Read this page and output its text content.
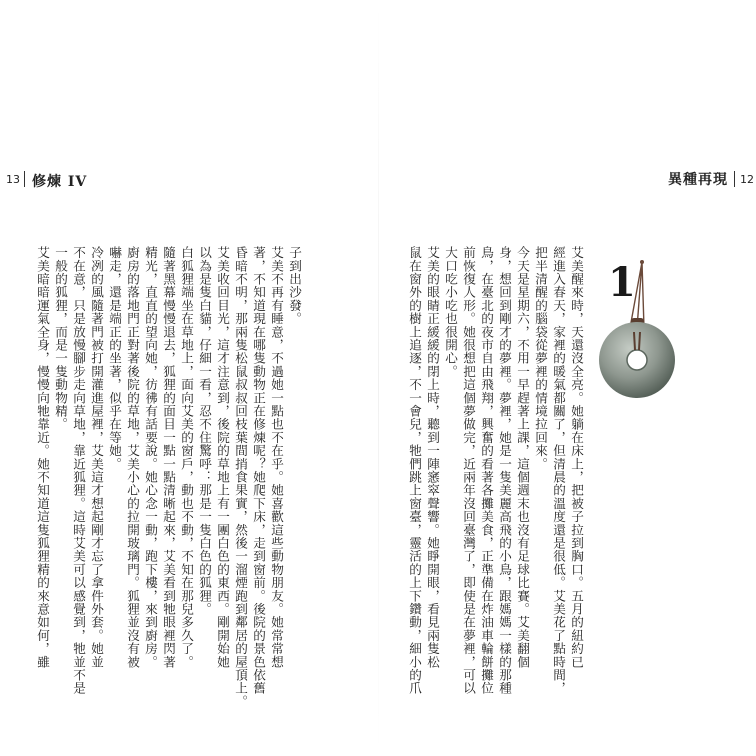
13 修煉 IV	異種再現 12
1
子到出沙發。
艾美不再有睡意，不過她一點也不在乎。她喜歡這些動物朋友。她常常想
著，不知道現在哪隻動物正在修煉呢？她爬下床，走到窗前。後院的景色依舊
昏暗不明，那兩隻松鼠叔叔回枝葉間捎食果實，然後一溜煙跑到鄰居的屋頂上。
艾美收回目光，這才注意到，後院的草地上有一團白色的東西。剛開始她
以為是隻白貓，仔細一看，忍不住驚呼：那是一隻白色的狐狸。
白狐狸端坐在草地上，面向艾美的窗戶，動也不動，不知在那兒多久了。
隨著黑幕慢慢退去，狐狸的面目一點一點清晰起來，艾美看到牠眼裡閃著
精光，直直的望向她，彷彿有話要說。她心念一動，跑下樓，來到廚房。
廚房的落地門正對著後院的草地，艾美小心的拉開玻璃門。狐狸並沒有被
嚇走，還是端正的坐著，似乎在等她。
冷冽的風隨著門被打開灌進屋裡，艾美這才想起剛才忘了拿件外套。她並
不在意，只是放慢腳步走向草地，靠近狐狸。這時艾美可以感覺到，牠並不是
一般的狐狸，而是一隻動物精。
艾美暗暗運氣全身，慢慢向牠靠近。她不知道這隻狐狸精的來意如何，雖	艾美醒來時，天還沒全亮。她躺在床上，把被子拉到胸口。五月的紐約已
經進入春天，家裡的暖氣都關了，但清晨的溫度還是很低。艾美花了點時間，
把半清醒的腦袋從夢裡的情境拉回來。
今天是星期六，不用一早趕著上課，這個週末也沒有足球比賽。艾美翻個
身，想回到剛才的夢裡。夢裡，她是一隻美麗高飛的小鳥，跟媽媽一樣的那種
鳥，在臺北的夜市自由飛翔，興奮的看著各攤美食，正準備在炸油車輪餅攤位
前恢復人形。她很想把這個夢做完，近兩年沒回臺灣了，即使是在夢裡，可以
大口吃小吃也很開心。
艾美的眼睛正緩緩的閉上時，聽到一陣窸窣聲響。她睜開眼，看見兩隻松
鼠在窗外的樹上追逐，不一會兒，牠們跳上窗臺，靈活的上下鑽動，細小的爪
